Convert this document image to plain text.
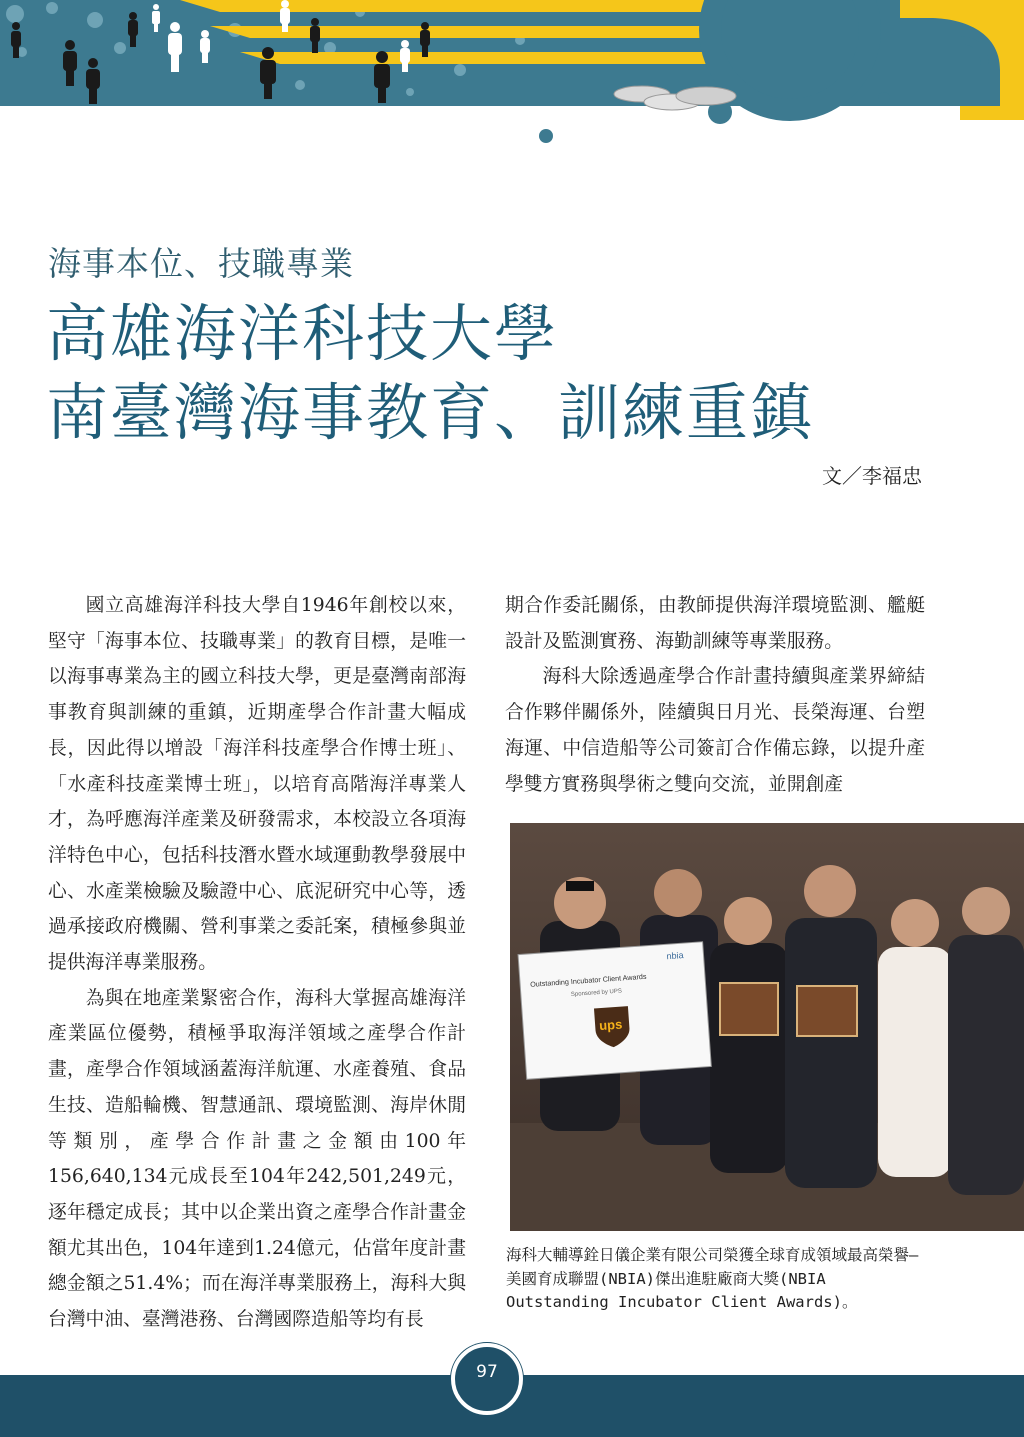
海事本位、技職專業
高雄海洋科技大學
南臺灣海事教育、訓練重鎮
文／李福忠

國立高雄海洋科技大學自1946年創校以來，堅守「海事本位、技職專業」的教育目標，是唯一以海事專業為主的國立科技大學，更是臺灣南部海事教育與訓練的重鎮，近期產學合作計畫大幅成長，因此得以增設「海洋科技產學合作博士班」、「水產科技產業博士班」，以培育高階海洋專業人才，為呼應海洋產業及研發需求，本校設立各項海洋特色中心，包括科技潛水暨水域運動教學發展中心、水產業檢驗及驗證中心、底泥研究中心等，透過承接政府機關、營利事業之委託案，積極參與並提供海洋專業服務。

為與在地產業緊密合作，海科大掌握高雄海洋產業區位優勢，積極爭取海洋領域之產學合作計畫，產學合作領域涵蓋海洋航運、水產養殖、食品生技、造船輪機、智慧通訊、環境監測、海岸休閒等類別，產學合作計畫之金額由100年156,640,134元成長至104年242,501,249元，逐年穩定成長；其中以企業出資之產學合作計畫金額尤其出色，104年達到1.24億元，佔當年度計畫總金額之51.4%；而在海洋專業服務上，海科大與台灣中油、臺灣港務、台灣國際造船等均有長

期合作委託關係，由教師提供海洋環境監測、艦艇設計及監測實務、海勤訓練等專業服務。

海科大除透過產學合作計畫持續與產業界締結合作夥伴關係外，陸續與日月光、長榮海運、台塑海運、中信造船等公司簽訂合作備忘錄，以提升產學雙方實務與學術之雙向交流，並開創產

nbia
Outstanding Incubator Client Awards
Sponsored by UPS
ups
海科大輔導銓日儀企業有限公司榮獲全球育成領域最高榮譽—美國育成聯盟(NBIA)傑出進駐廠商大獎(NBIA Outstanding Incubator Client Awards)。
97
